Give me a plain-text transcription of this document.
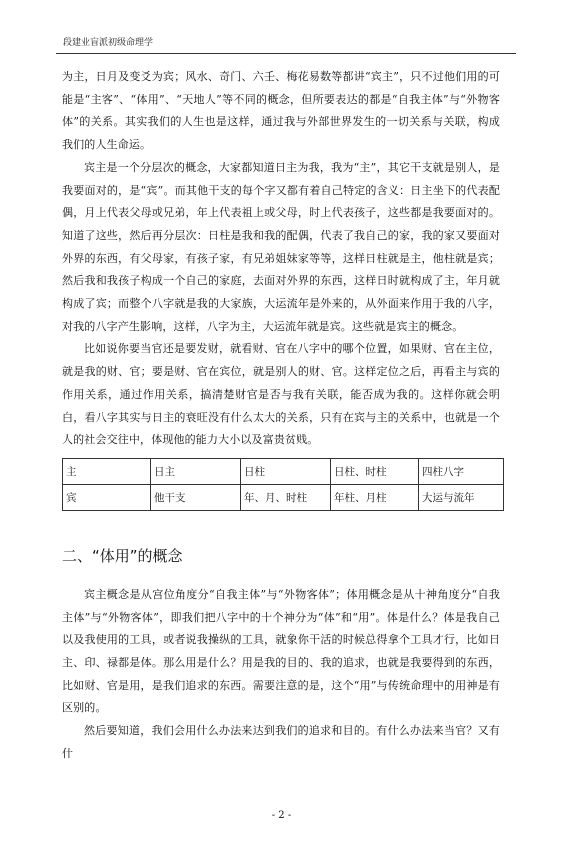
段建业盲派初级命理学

为主，日月及变爻为宾；风水、奇门、六壬、梅花易数等都讲“宾主”，只不过他们用的可能是“主客”、“体用”、“天地人”等不同的概念，但所要表达的都是“自我主体”与“外物客体”的关系。其实我们的人生也是这样，通过我与外部世界发生的一切关系与关联，构成我们的人生命运。

宾主是一个分层次的概念，大家都知道日主为我，我为“主”，其它干支就是别人，是我要面对的，是“宾”。而其他干支的每个字又都有着自己特定的含义：日主坐下的代表配偶，月上代表父母或兄弟，年上代表祖上或父母，时上代表孩子，这些都是我要面对的。知道了这些，然后再分层次：日柱是我和我的配偶，代表了我自己的家，我的家又要面对外界的东西，有父母家，有孩子家，有兄弟姐妹家等等，这样日柱就是主，他柱就是宾；然后我和我孩子构成一个自己的家庭，去面对外界的东西，这样日时就构成了主，年月就构成了宾；而整个八字就是我的大家族，大运流年是外来的，从外面来作用于我的八字，对我的八字产生影响，这样，八字为主，大运流年就是宾。这些就是宾主的概念。

比如说你要当官还是要发财，就看财、官在八字中的哪个位置，如果财、官在主位，就是我的财、官；要是财、官在宾位，就是别人的财、官。这样定位之后，再看主与宾的作用关系，通过作用关系，搞清楚财官是否与我有关联，能否成为我的。这样你就会明白，看八字其实与日主的衰旺没有什么太大的关系，只有在宾与主的关系中，也就是一个人的社会交往中，体现他的能力大小以及富贵贫贱。

主	日主	日柱	日柱、时柱	四柱八字
宾	他干支	年、月、时柱	年柱、月柱	大运与流年
二、“体用”的概念

宾主概念是从宫位角度分“自我主体”与“外物客体”；体用概念是从十神角度分“自我主体”与“外物客体”，即我们把八字中的十个神分为“体”和“用”。体是什么？体是我自己以及我使用的工具，或者说我操纵的工具，就象你干活的时候总得拿个工具才行，比如日主、印、禄都是体。那么用是什么？用是我的目的、我的追求，也就是我要得到的东西，比如财、官是用，是我们追求的东西。需要注意的是，这个“用”与传统命理中的用神是有区别的。

然后要知道，我们会用什么办法来达到我们的追求和目的。有什么办法来当官？又有什

- 2 -
